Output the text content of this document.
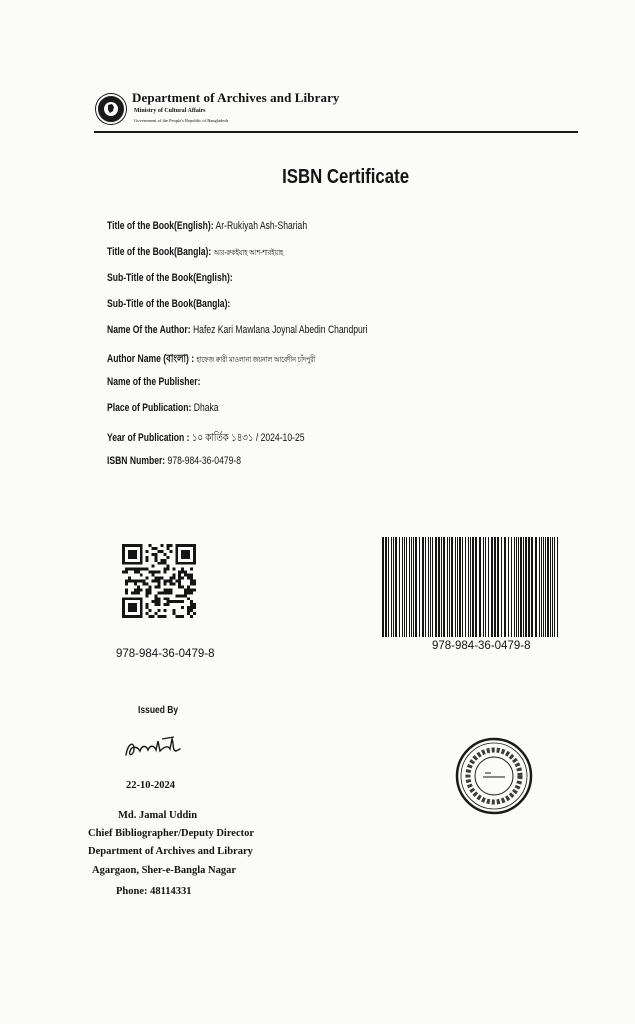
Department of Archives and Library
Ministry of Cultural Affairs
Government of the People's Republic of Bangladesh
ISBN Certificate
Title of the Book(English): Ar-Rukiyah Ash-Shariah
Title of the Book(Bangla): আর-রুকইয়াহ আশ-শারইয়াহ
Sub-Title of the Book(English):
Sub-Title of the Book(Bangla):
Name Of the Author: Hafez Kari Mawlana Joynal Abedin Chandpuri
Author Name (বাংলা) : হাফেজ ক্বারী মাওলানা জয়নাল আবেদীন চাঁদপুরী
Name of the Publisher:
Place of Publication: Dhaka
Year of Publication : ১০ কার্তিক ১৪৩১ / 2024-10-25
ISBN Number: 978-984-36-0479-8
978-984-36-0479-8
978-984-36-0479-8
Issued By
22-10-2024
Md. Jamal Uddin
Chief Bibliographer/Deputy Director
Department of Archives and Library
Agargaon, Sher-e-Bangla Nagar
Phone: 48114331
